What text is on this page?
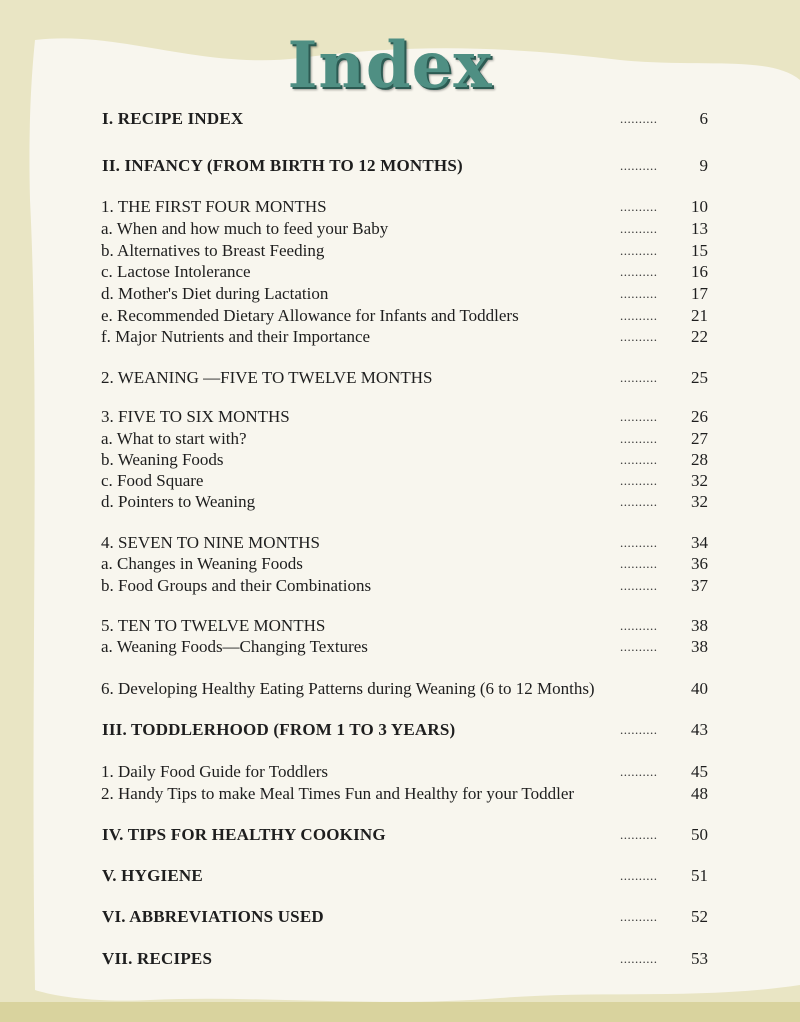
Index
I. RECIPE INDEX	.......... 6
II. INFANCY (FROM BIRTH TO 12 MONTHS)	.......... 9
1. THE FIRST FOUR MONTHS	.......... 10
a. When and how much to feed your Baby	.......... 13
b. Alternatives to Breast Feeding	.......... 15
c. Lactose Intolerance	.......... 16
d. Mother's Diet during Lactation	.......... 17
e. Recommended Dietary Allowance for Infants and Toddlers	.......... 21
f. Major Nutrients and their Importance	.......... 22
2. WEANING —FIVE TO TWELVE MONTHS	.......... 25
3. FIVE TO SIX MONTHS	.......... 26
a. What to start with?	.......... 27
b. Weaning Foods	.......... 28
c. Food Square	.......... 32
d. Pointers to Weaning	.......... 32
4. SEVEN TO NINE MONTHS	.......... 34
a. Changes in Weaning Foods	.......... 36
b. Food Groups and their Combinations	.......... 37
5. TEN TO TWELVE MONTHS	.......... 38
a. Weaning Foods—Changing Textures	.......... 38
6. Developing Healthy Eating Patterns during Weaning (6 to 12 Months)	40
III. TODDLERHOOD (FROM 1 TO 3 YEARS)	.......... 43
1. Daily Food Guide for Toddlers	.......... 45
2. Handy Tips to make Meal Times Fun and Healthy for your Toddler	48
IV. TIPS FOR HEALTHY COOKING	.......... 50
V. HYGIENE	.......... 51
VI. ABBREVIATIONS USED	.......... 52
VII. RECIPES	.......... 53
